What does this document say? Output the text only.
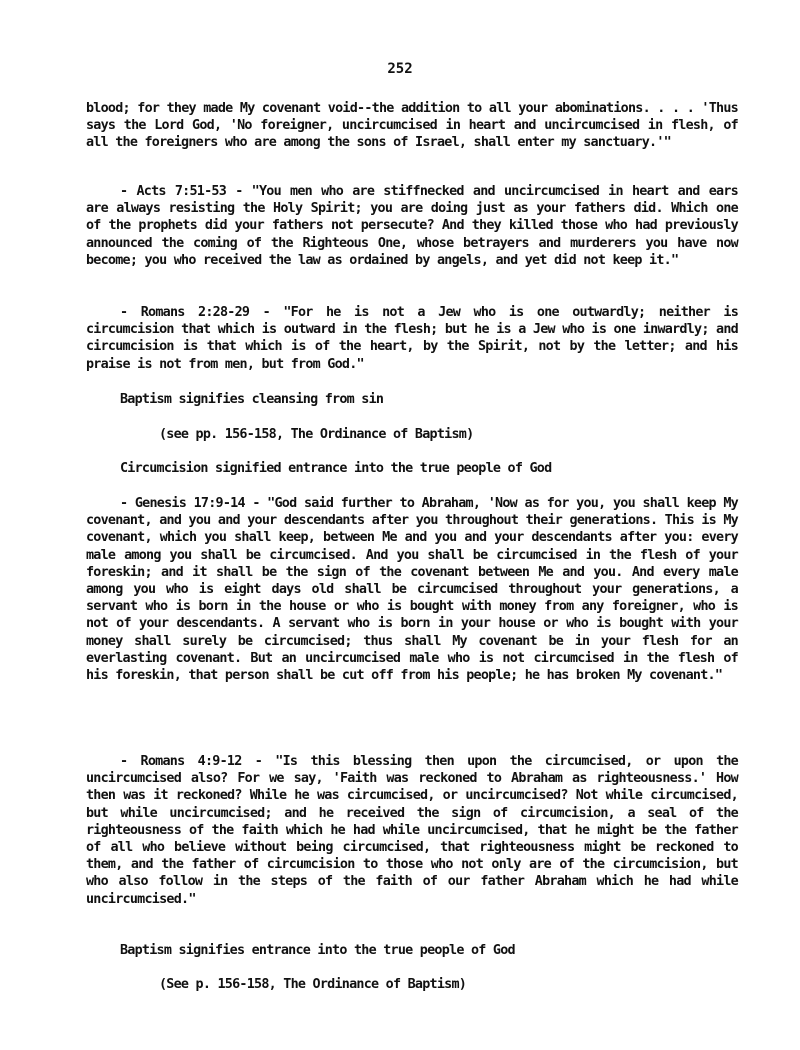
252

blood; for they made My covenant void--the addition to all your abominations. . . . 'Thus says the Lord God, 'No foreigner, uncircumcised in heart and uncircumcised in flesh, of all the foreigners who are among the sons of Israel, shall enter my sanctuary.'"

- Acts 7:51-53 - "You men who are stiffnecked and uncircumcised in heart and ears are always resisting the Holy Spirit; you are doing just as your fathers did. Which one of the prophets did your fathers not persecute? And they killed those who had previously announced the coming of the Righteous One, whose betrayers and murderers you have now become; you who received the law as ordained by angels, and yet did not keep it."

- Romans 2:28-29 - "For he is not a Jew who is one outwardly; neither is circumcision that which is outward in the flesh; but he is a Jew who is one inwardly; and circumcision is that which is of the heart, by the Spirit, not by the letter; and his praise is not from men, but from God."

Baptism signifies cleansing from sin

(see pp. 156-158, The Ordinance of Baptism)

Circumcision signified entrance into the true people of God

- Genesis 17:9-14 - "God said further to Abraham, 'Now as for you, you shall keep My covenant, and you and your descendants after you throughout their generations. This is My covenant, which you shall keep, between Me and you and your descendants after you: every male among you shall be circumcised. And you shall be circumcised in the flesh of your foreskin; and it shall be the sign of the covenant between Me and you. And every male among you who is eight days old shall be circumcised throughout your generations, a servant who is born in the house or who is bought with money from any foreigner, who is not of your descendants. A servant who is born in your house or who is bought with your money shall surely be circumcised; thus shall My covenant be in your flesh for an everlasting covenant. But an uncircumcised male who is not circumcised in the flesh of his foreskin, that person shall be cut off from his people; he has broken My covenant."

- Romans 4:9-12 - "Is this blessing then upon the circumcised, or upon the uncircumcised also? For we say, 'Faith was reckoned to Abraham as righteousness.' How then was it reckoned? While he was circumcised, or uncircumcised? Not while circumcised, but while uncircumcised; and he received the sign of circumcision, a seal of the righteousness of the faith which he had while uncircumcised, that he might be the father of all who believe without being circumcised, that righteousness might be reckoned to them, and the father of circumcision to those who not only are of the circumcision, but who also follow in the steps of the faith of our father Abraham which he had while uncircumcised."

Baptism signifies entrance into the true people of God

(See p. 156-158, The Ordinance of Baptism)
